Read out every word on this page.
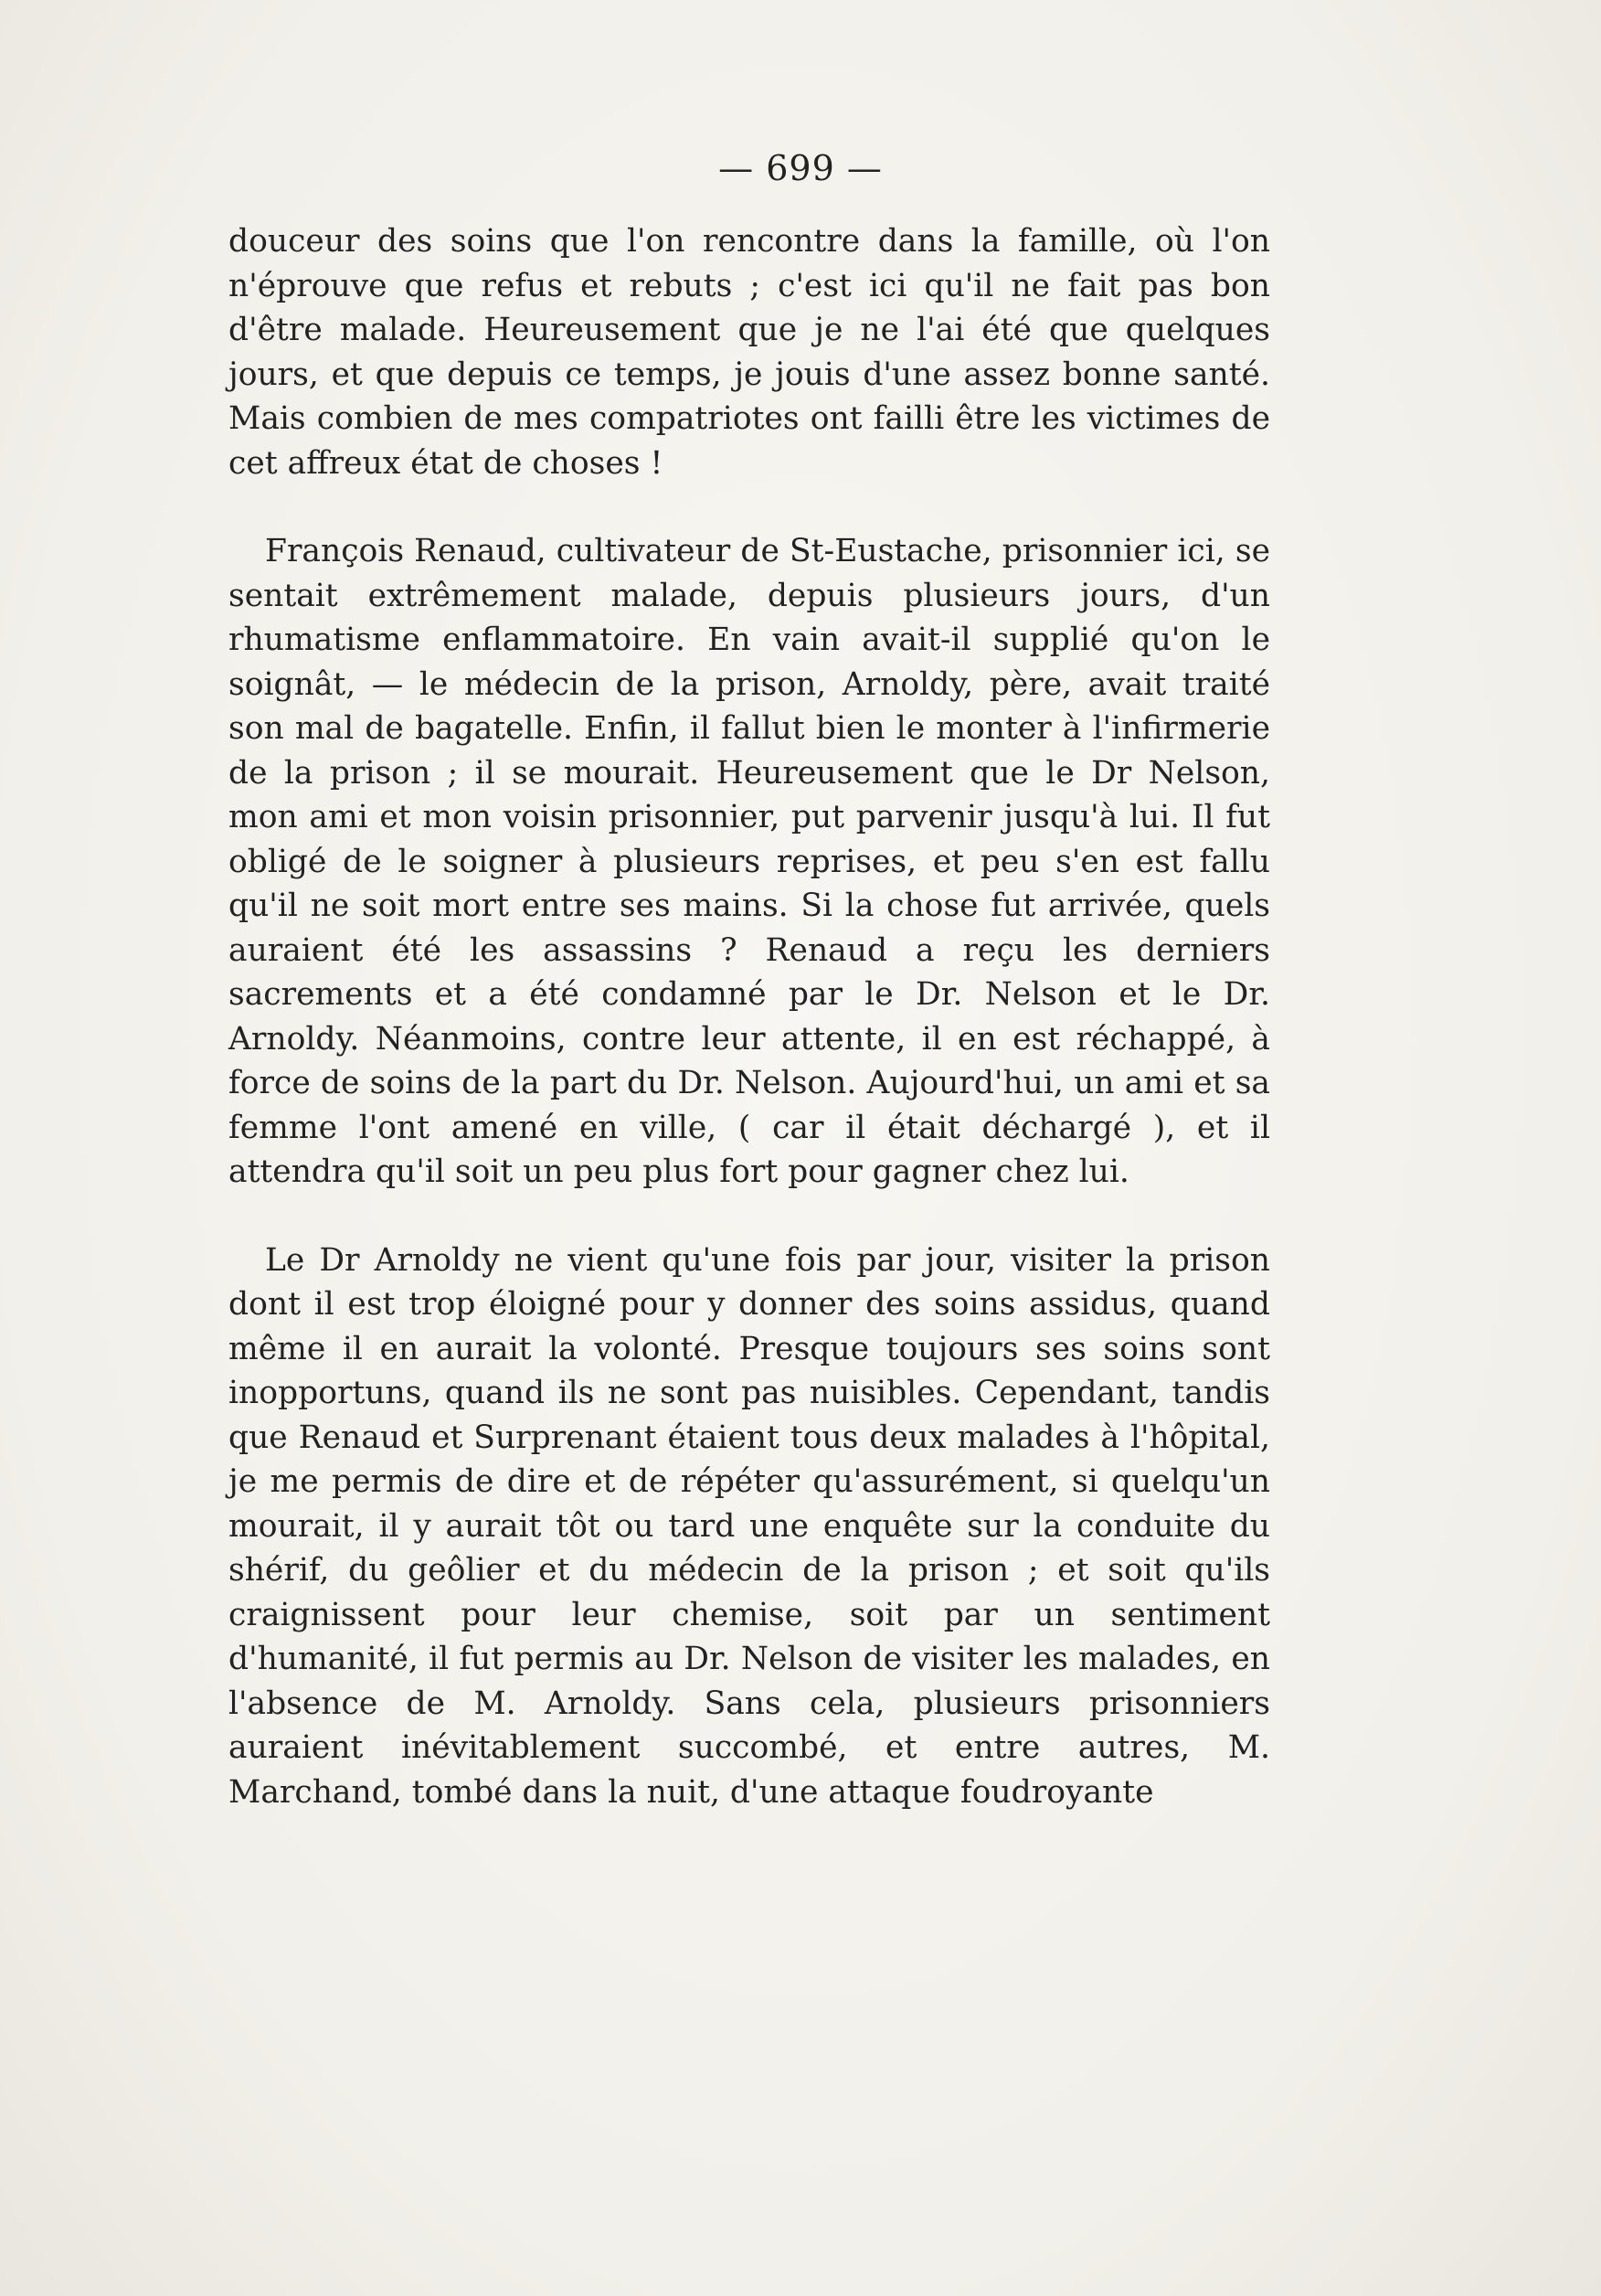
— 699 —

douceur des soins que l'on rencontre dans la famille, où l'on n'éprouve que refus et rebuts ; c'est ici qu'il ne fait pas bon d'être malade. Heureusement que je ne l'ai été que quelques jours, et que depuis ce temps, je jouis d'une assez bonne santé. Mais combien de mes compatriotes ont failli être les victimes de cet affreux état de choses !

François Renaud, cultivateur de St-Eustache, prisonnier ici, se sentait extrêmement malade, depuis plusieurs jours, d'un rhumatisme enflammatoire. En vain avait-il supplié qu'on le soignât, — le médecin de la prison, Arnoldy, père, avait traité son mal de bagatelle. Enfin, il fallut bien le monter à l'infirmerie de la prison ; il se mourait. Heureusement que le Dr Nelson, mon ami et mon voisin prisonnier, put parvenir jusqu'à lui. Il fut obligé de le soigner à plusieurs reprises, et peu s'en est fallu qu'il ne soit mort entre ses mains. Si la chose fut arrivée, quels auraient été les assassins ? Renaud a reçu les derniers sacrements et a été condamné par le Dr. Nelson et le Dr. Arnoldy. Néanmoins, contre leur attente, il en est réchappé, à force de soins de la part du Dr. Nelson. Aujourd'hui, un ami et sa femme l'ont amené en ville, ( car il était déchargé ), et il attendra qu'il soit un peu plus fort pour gagner chez lui.

Le Dr Arnoldy ne vient qu'une fois par jour, visiter la prison dont il est trop éloigné pour y donner des soins assidus, quand même il en aurait la volonté. Presque toujours ses soins sont inopportuns, quand ils ne sont pas nuisibles. Cependant, tandis que Renaud et Surprenant étaient tous deux malades à l'hôpital, je me permis de dire et de répéter qu'assurément, si quelqu'un mourait, il y aurait tôt ou tard une enquête sur la conduite du shérif, du geôlier et du médecin de la prison ; et soit qu'ils craignissent pour leur chemise, soit par un sentiment d'humanité, il fut permis au Dr. Nelson de visiter les malades, en l'absence de M. Arnoldy. Sans cela, plusieurs prisonniers auraient inévitablement succombé, et entre autres, M. Marchand, tombé dans la nuit, d'une attaque foudroyante
